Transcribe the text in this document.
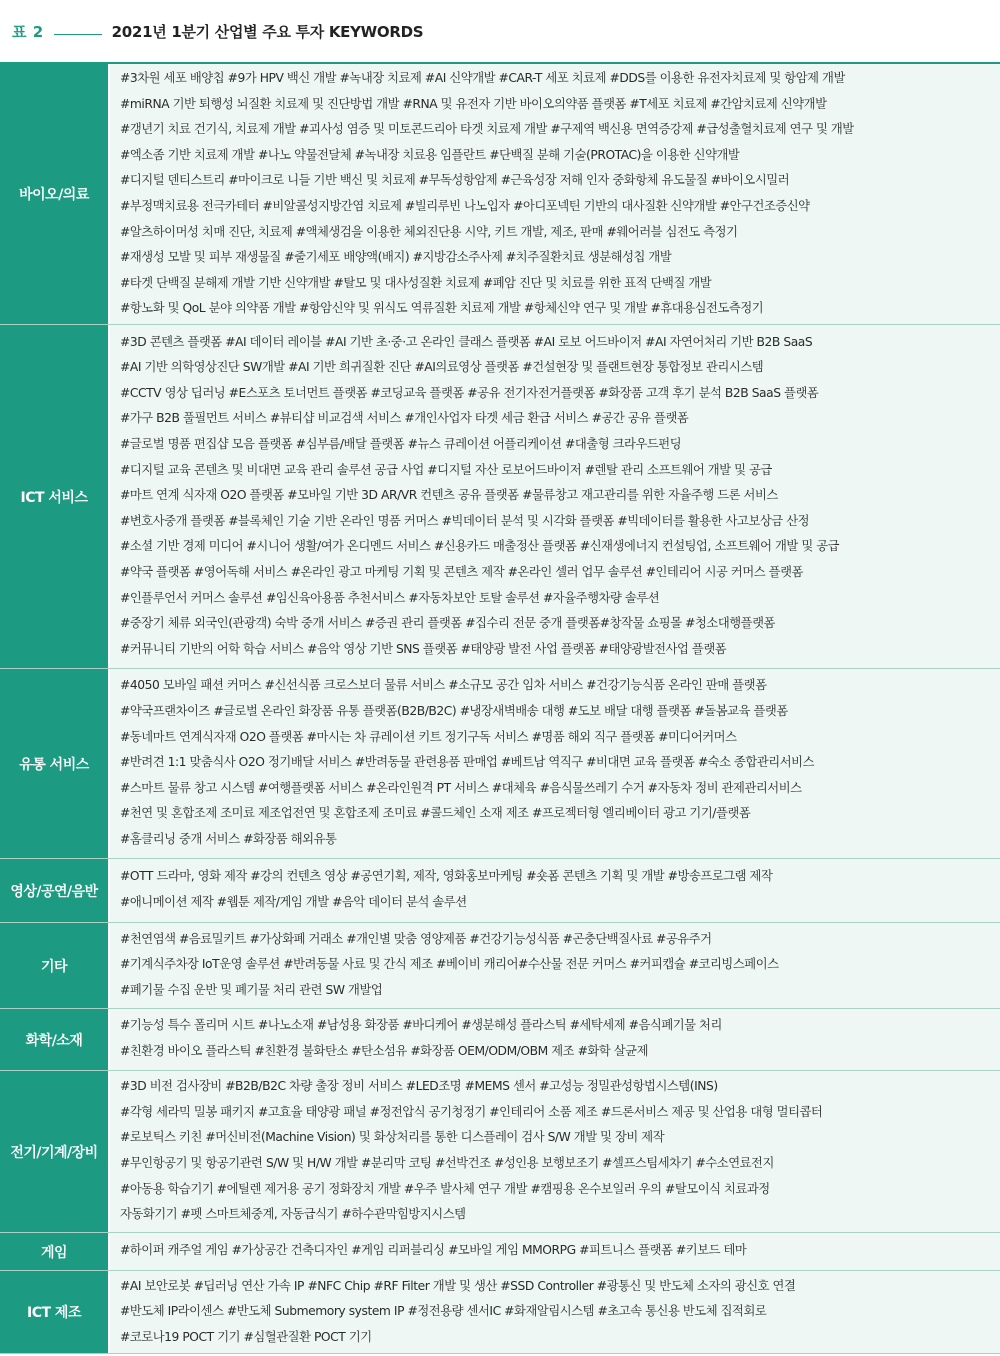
표 2	2021년 1분기 산업별 주요 투자 KEYWORDS
바이오/의료
#3차원 세포 배양칩 #9가 HPV 백신 개발 #녹내장 치료제 #AI 신약개발 #CAR-T 세포 치료제 #DDS를 이용한 유전자치료제 및 항암제 개발
#miRNA 기반 퇴행성 뇌질환 치료제 및 진단방법 개발 #RNA 및 유전자 기반 바이오의약품 플랫폼 #T세포 치료제 #간암치료제 신약개발
#갱년기 치료 건기식, 치료제 개발 #괴사성 염증 및 미토콘드리아 타겟 치료제 개발 #구제역 백신용 면역증강제 #급성출혈치료제 연구 및 개발
#엑소좀 기반 치료제 개발 #나노 약물전달체 #녹내장 치료용 임플란트 #단백질 분해 기술(PROTAC)을 이용한 신약개발
#디지털 덴티스트리 #마이크로 니들 기반 백신 및 치료제 #무독성항암제 #근육성장 저해 인자 중화항체 유도물질 #바이오시밀러
#부정맥치료용 전극카테터 #비알콜성지방간염 치료제 #빌리루빈 나노입자 #아디포넥틴 기반의 대사질환 신약개발 #안구건조증신약
#알츠하이머성 치매 진단, 치료제 #액체생검을 이용한 체외진단용 시약, 키트 개발, 제조, 판매 #웨어러블 심전도 측정기
#재생성 모발 및 피부 재생물질 #줄기세포 배양액(배지) #지방감소주사제 #치주질환치료 생분해성칩 개발
#타겟 단백질 분해제 개발 기반 신약개발 #탈모 및 대사성질환 치료제 #폐암 진단 및 치료를 위한 표적 단백질 개발
#항노화 및 QoL 분야 의약품 개발 #항암신약 및 위식도 역류질환 치료제 개발 #항체신약 연구 및 개발 #휴대용심전도측정기
ICT 서비스
#3D 콘텐츠 플랫폼 #AI 데이터 레이블 #AI 기반 초·중·고 온라인 클래스 플랫폼 #AI 로보 어드바이저 #AI 자연어처리 기반 B2B SaaS
#AI 기반 의학영상진단 SW개발 #AI 기반 희귀질환 진단 #AI의료영상 플랫폼 #건설현장 및 플랜트현장 통합정보 관리시스템
#CCTV 영상 딥러닝 #E스포츠 토너먼트 플랫폼 #코딩교육 플랫폼 #공유 전기자전거플랫폼 #화장품 고객 후기 분석 B2B SaaS 플랫폼
#가구 B2B 풀필먼트 서비스 #뷰티샵 비교검색 서비스 #개인사업자 타겟 세금 환급 서비스 #공간 공유 플랫폼
#글로벌 명품 편집샵 모음 플랫폼 #심부름/배달 플랫폼 #뉴스 큐레이션 어플리케이션 #대출형 크라우드펀딩
#디지털 교육 콘텐츠 및 비대면 교육 관리 솔루션 공급 사업 #디지털 자산 로보어드바이저 #렌탈 관리 소프트웨어 개발 및 공급
#마트 연계 식자재 O2O 플랫폼 #모바일 기반 3D AR/VR 컨텐츠 공유 플랫폼 #물류창고 재고관리를 위한 자율주행 드론 서비스
#변호사중개 플랫폼 #블록체인 기술 기반 온라인 명품 커머스 #빅데이터 분석 및 시각화 플랫폼 #빅데이터를 활용한 사고보상금 산정
#소셜 기반 경제 미디어 #시니어 생활/여가 온디멘드 서비스 #신용카드 매출정산 플랫폼 #신재생에너지 컨설팅업, 소프트웨어 개발 및 공급
#약국 플랫폼 #영어독해 서비스 #온라인 광고 마케팅 기획 및 콘텐츠 제작 #온라인 셀러 업무 솔루션 #인테리어 시공 커머스 플랫폼
#인플루언서 커머스 솔루션 #임신육아용품 추천서비스 #자동차보안 토탈 솔루션 #자율주행차량 솔루션
#중장기 체류 외국인(관광객) 숙박 중개 서비스 #증권 관리 플랫폼 #집수리 전문 중개 플랫폼#창작물 쇼핑몰 #청소대행플랫폼
#커뮤니티 기반의 어학 학습 서비스 #음악 영상 기반 SNS 플랫폼 #태양광 발전 사업 플랫폼 #태양광발전사업 플랫폼
유통 서비스
#4050 모바일 패션 커머스 #신선식품 크로스보더 물류 서비스 #소규모 공간 임차 서비스 #건강기능식품 온라인 판매 플랫폼
#약국프랜차이즈 #글로벌 온라인 화장품 유통 플랫폼(B2B/B2C) #냉장새벽배송 대행 #도보 배달 대행 플랫폼 #돌봄교육 플랫폼
#동네마트 연계식자재 O2O 플랫폼 #마시는 차 큐레이션 키트 정기구독 서비스 #명품 해외 직구 플랫폼 #미디어커머스
#반려견 1:1 맞춤식사 O2O 정기배달 서비스 #반려동물 관련용품 판매업 #베트남 역직구 #비대면 교육 플랫폼 #숙소 종합관리서비스
#스마트 물류 창고 시스템 #여행플랫폼 서비스 #온라인원격 PT 서비스 #대체육 #음식물쓰레기 수거 #자동차 정비 관제관리서비스
#천연 및 혼합조제 조미료 제조업전연 및 혼합조제 조미료 #콜드체인 소재 제조 #프로젝터형 엘리베이터 광고 기기/플랫폼
#홈클리닝 중개 서비스 #화장품 해외유통
영상/공연/음반
#OTT 드라마, 영화 제작 #강의 컨텐츠 영상 #공연기획, 제작, 영화홍보마케팅 #숏폼 콘텐츠 기획 및 개발 #방송프로그램 제작
#애니메이션 제작 #웹툰 제작/게임 개발 #음악 데이터 분석 솔루션
기타
#천연염색 #음료밀키트 #가상화폐 거래소 #개인별 맞춤 영양제품 #건강기능성식품 #곤충단백질사료 #공유주거
#기계식주차장 IoT운영 솔루션 #반려동물 사료 및 간식 제조 #베이비 캐리어#수산물 전문 커머스 #커피캡슐 #코리빙스페이스
#폐기물 수집 운반 및 폐기물 처리 관련 SW 개발업
화학/소재
#기능성 특수 폴리머 시트 #나노소재 #남성용 화장품 #바디케어 #생분해성 플라스틱 #세탁세제 #음식폐기물 처리
#친환경 바이오 플라스틱 #친환경 불화탄소 #탄소섬유 #화장품 OEM/ODM/OBM 제조 #화학 살균제
전기/기계/장비
#3D 비전 검사장비 #B2B/B2C 차량 출장 정비 서비스 #LED조명 #MEMS 센서 #고성능 정밀관성항법시스템(INS)
#각형 세라믹 밀봉 패키지 #고효율 태양광 패널 #정전압식 공기청정기 #인테리어 소품 제조 #드론서비스 제공 및 산업용 대형 멀티콥터
#로보틱스 키친 #머신비전(Machine Vision) 및 화상처리를 통한 디스플레이 검사 S/W 개발 및 장비 제작
#무인항공기 및 항공기관련 S/W 및 H/W 개발 #분리막 코팅 #선박건조 #성인용 보행보조기 #셀프스팀세차기 #수소연료전지
#아동용 학습기기 #에틸렌 제거용 공기 정화장치 개발 #우주 발사체 연구 개발 #캠핑용 온수보일러 우의 #탈모이식 치료과정
자동화기기 #펫 스마트체중계, 자동급식기 #하수관막힘방지시스템
게임	#하이퍼 캐주얼 게임 #가상공간 건축디자인 #게임 리퍼블리싱 #모바일 게임 MMORPG #피트니스 플랫폼 #키보드 테마
ICT 제조
#AI 보안로봇 #딥러닝 연산 가속 IP #NFC Chip #RF Filter 개발 및 생산 #SSD Controller #광통신 및 반도체 소자의 광신호 연결
#반도체 IP라이센스 #반도체 Submemory system IP #정전용량 센서IC #화재알림시스템 #초고속 통신용 반도체 집적회로
#코로나19 POCT 기기 #심혈관질환 POCT 기기
